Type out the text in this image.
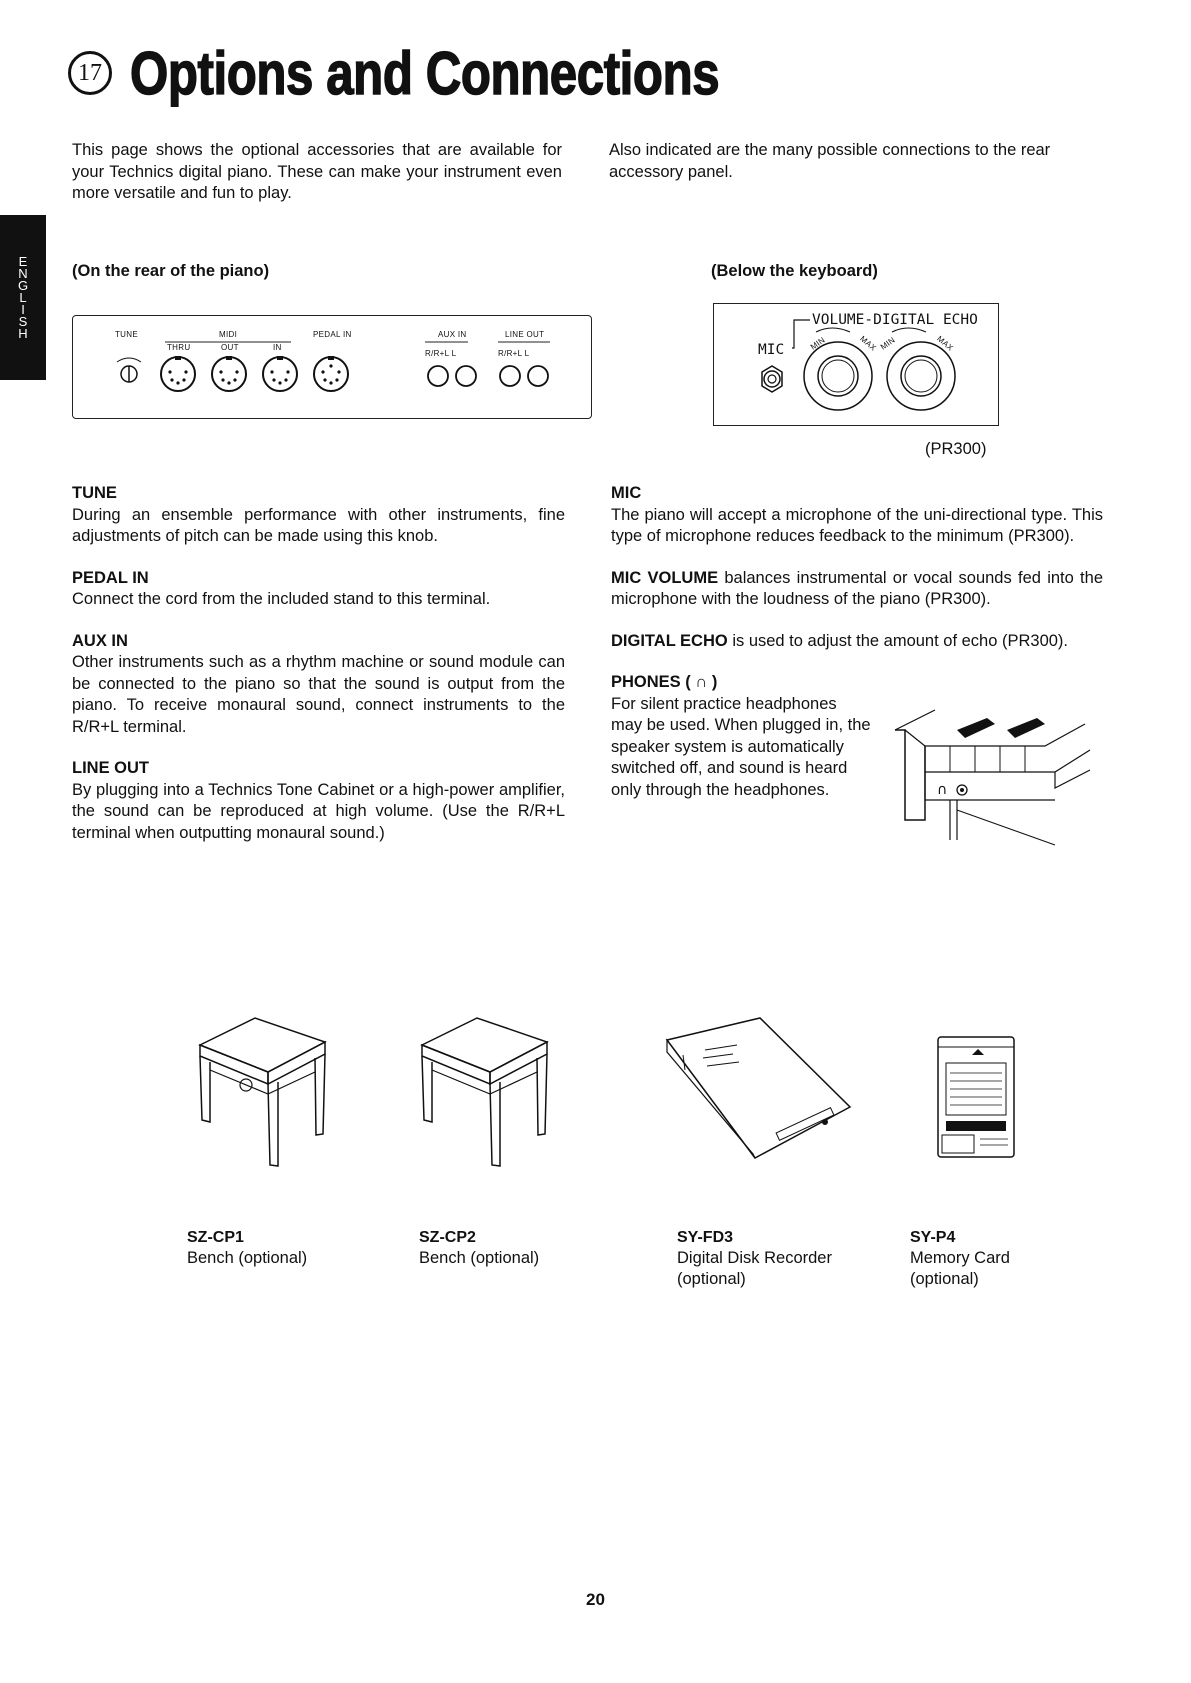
17 Options and Connections
E
N
G
L
I
S
H
This page shows the optional accessories that are available for your Technics digital piano. These can make your instrument even more versatile and fun to play.
Also indicated are the many possible connections to the rear accessory panel.
(On the rear of the piano)	(Below the keyboard)
TUNE	MIDI
THRU	OUT	IN
PEDAL IN	AUX IN	LINE OUT
R/R+L L	R/R+L L
VOLUME-DIGITAL ECHO
MIC	MIN	MAX MIN	MAX
(PR300)
TUNE
During an ensemble performance with other instruments, fine adjustments of pitch can be made using this knob.
PEDAL IN
Connect the cord from the included stand to this terminal.
AUX IN
Other instruments such as a rhythm machine or sound module can be connected to the piano so that the sound is output from the piano. To receive monaural sound, connect instruments to the R/R+L terminal.
LINE OUT
By plugging into a Technics Tone Cabinet or a high-power amplifier, the sound can be reproduced at high volume. (Use the R/R+L terminal when outputting monaural sound.)
MIC
The piano will accept a microphone of the uni-directional type. This type of microphone reduces feedback to the minimum (PR300).
MIC VOLUME balances instrumental or vocal sounds fed into the microphone with the loudness of the piano (PR300).
DIGITAL ECHO is used to adjust the amount of echo (PR300).
PHONES ( ∩ )
For silent practice headphones may be used. When plugged in, the speaker system is automatically switched off, and sound is heard only through the headphones.	∩
SZ-CP1
Bench (optional)
SZ-CP2
Bench (optional)
SY-FD3
Digital Disk Recorder (optional)
SY-P4
Memory Card (optional)
20
